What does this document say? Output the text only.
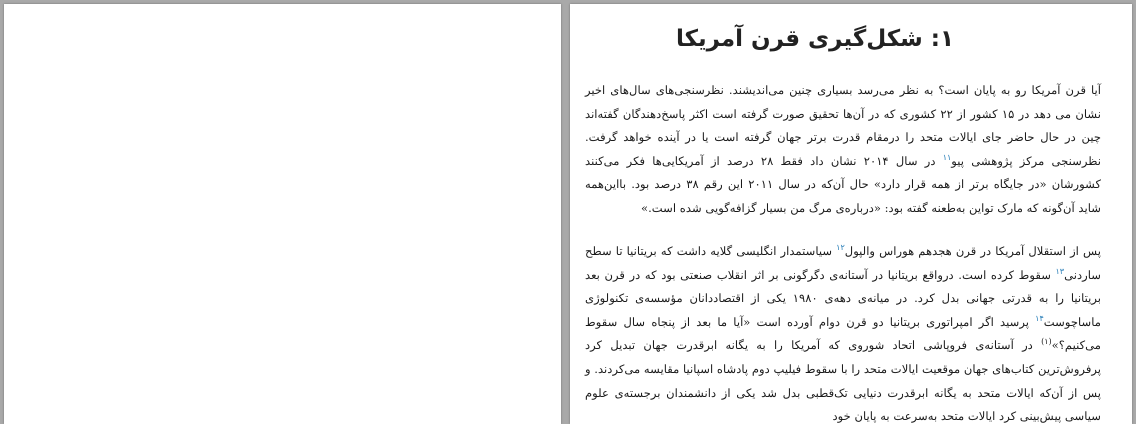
۱: شکل‌گیری قرن آمریکا

آیا قرن آمریکا رو به پایان است؟ به نظر می‌رسد بسیاری چنین می‌اندیشند. نظرسنجی‌های سال‌های اخیر نشان می دهد در ۱۵ کشور از ۲۲ کشوری که در آن‌ها تحقیق صورت گرفته است اکثر پاسخ‌دهندگان گفته‌اند چین در حال حاضر جای ایالات متحد را درمقام قدرت برتر جهان گرفته است یا در آینده خواهد گرفت. نظرسنجی مرکز پژوهشی پیو$^{۱۱}$ در سال ۲۰۱۴ نشان داد فقط ۲۸ درصد از آمریکایی‌ها فکر می‌کنند کشورشان «در جایگاه برتر از همه قرار دارد» حال آن‌که در سال ۲۰۱۱ این رقم ۳۸ درصد بود. بااین‌همه شاید آن‌گونه که مارک تواین به‌طعنه گفته بود: «درباره‌ی مرگ من بسیار گزافه‌گویی شده است.»

پس از استقلال آمریکا در قرن هجدهم هوراس والپول$^{۱۲}$ سیاستمدار انگلیسی گلایه داشت که بریتانیا تا سطح ساردنی$^{۱۳}$ سقوط کرده است. درواقع بریتانیا در آستانه‌ی دگرگونی بر اثر انقلاب صنعتی بود که در قرن بعد بریتانیا را به قدرتی جهانی بدل کرد. در میانه‌ی دهه‌ی ۱۹۸۰ یکی از اقتصاددانان مؤسسه‌ی تکنولوژی ماساچوست$^{۱۴}$ پرسید اگر امپراتوری بریتانیا دو قرن دوام آورده است «آیا ما بعد از پنجاه سال سقوط می‌کنیم؟»$^{(۱)}$ در آستانه‌ی فروپاشی اتحاد شوروی که آمریکا را به یگانه ابرقدرت جهان تبدیل کرد پرفروش‌ترین کتاب‌های جهان موقعیت ایالات متحد را با سقوط فیلیپ دوم پادشاه اسپانیا مقایسه می‌کردند. و پس از آن‌که ایالات متحد به یگانه ابرقدرت دنیایی تک‌قطبی بدل شد یکی از دانشمندان برجسته‌ی علوم سیاسی پیش‌بینی کرد ایالات متحد به‌سرعت به پایان خود
